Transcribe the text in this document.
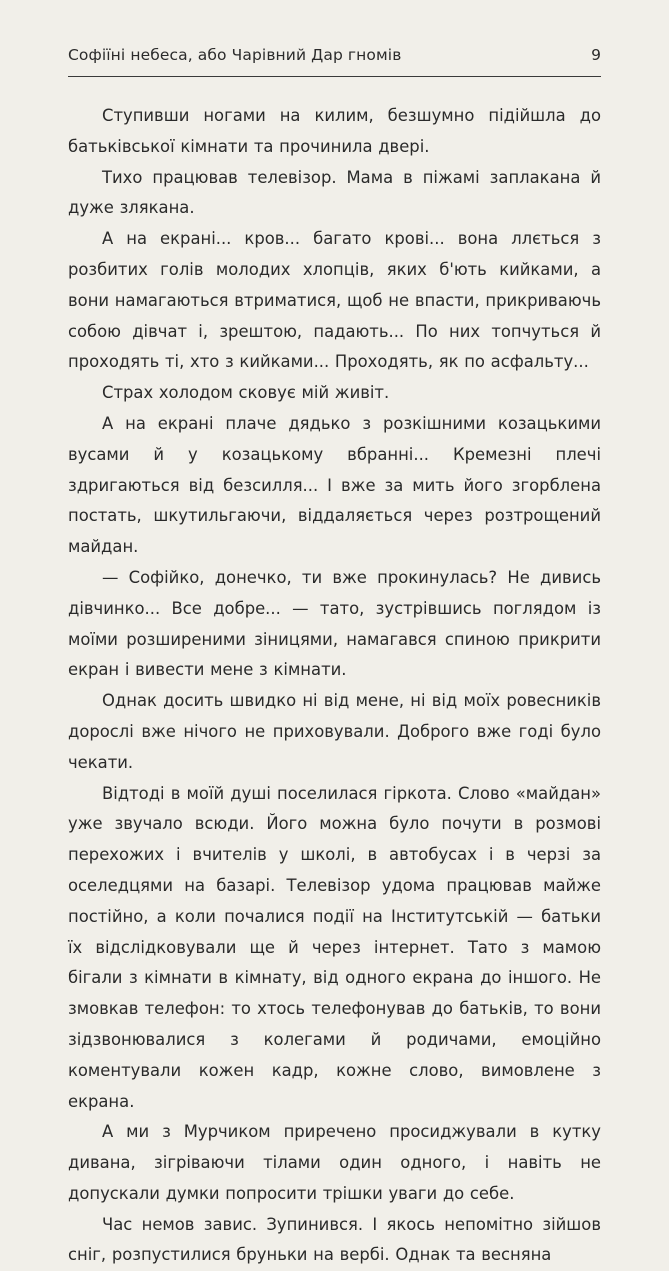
Софіїні небеса, або Чарівний Дар гномів	9

Ступивши ногами на килим, безшумно підійшла до батьківської кімнати та прочинила двері.

Тихо працював телевізор. Мама в піжамі заплакана й дуже злякана.

А на екрані... кров... багато крові... вона ллється з розбитих голів молодих хлопців, яких б'ють кийками, а вони намагаються втриматися, щоб не впасти, прикриваючь собою дівчат і, зрештою, падають... По них топчуться й проходять ті, хто з кийками... Проходять, як по асфальту...

Страх холодом сковує мій живіт.

А на екрані плаче дядько з розкішними козацькими вусами й у козацькому вбранні... Кремезні плечі здригаються від безсилля... І вже за мить його згорблена постать, шкутильгаючи, віддаляється через розтрощений майдан.

— Софійко, донечко, ти вже прокинулась? Не дивись дівчинко... Все добре... — тато, зустрівшись поглядом із моїми розширеними зіницями, намагався спиною прикрити екран і вивести мене з кімнати.

Однак досить швидко ні від мене, ні від моїх ровесників дорослі вже нічого не приховували. Доброго вже годі було чекати.

Відтоді в моїй душі поселилася гіркота. Слово «майдан» уже звучало всюди. Його можна було почути в розмові перехожих і вчителів у школі, в автобусах і в черзі за оселедцями на базарі. Телевізор удома працював майже постійно, а коли почалися події на Інститутській — батьки їх відслідковували ще й через інтернет. Тато з мамою бігали з кімнати в кімнату, від одного екрана до іншого. Не змовкав телефон: то хтось телефонував до батьків, то вони зідзвонювалися з колегами й родичами, емоційно коментували кожен кадр, кожне слово, вимовлене з екрана.

А ми з Мурчиком приречено просиджували в кутку дивана, зігріваючи тілами один одного, і навіть не допускали думки попросити трішки уваги до себе.

Час немов завис. Зупинився. І якось непомітно зійшов сніг, розпустилися бруньки на вербі. Однак та весняна
